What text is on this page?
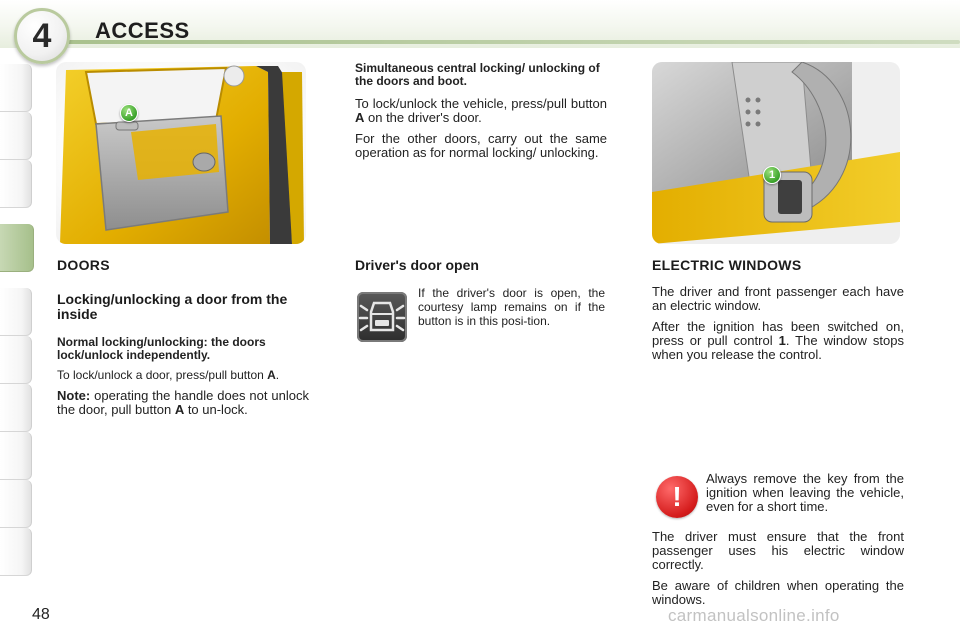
4	ACCESS
A
1
DOORS
Locking/unlocking a door from the inside
Normal locking/unlocking: the doors lock/unlock independently.

To lock/unlock a door, press/pull button A.

Note: operating the handle does not unlock the door, pull button A to un-lock.

Simultaneous central locking/ unlocking of the doors and boot.

To lock/unlock the vehicle, press/pull button A on the driver's door.

For the other doors, carry out the same operation as for normal locking/ unlocking.

Driver's door open

If the driver's door is open, the courtesy lamp remains on if the button is in this posi-tion.

ELECTRIC WINDOWS

The driver and front passenger each have an electric window.

After the ignition has been switched on, press or pull control 1. The window stops when you release the control.

!

Always remove the key from the ignition when leaving the vehicle, even for a short time.

The driver must ensure that the front passenger uses his electric window correctly.

Be aware of children when operating the windows.

48	carmanualsonline.info
